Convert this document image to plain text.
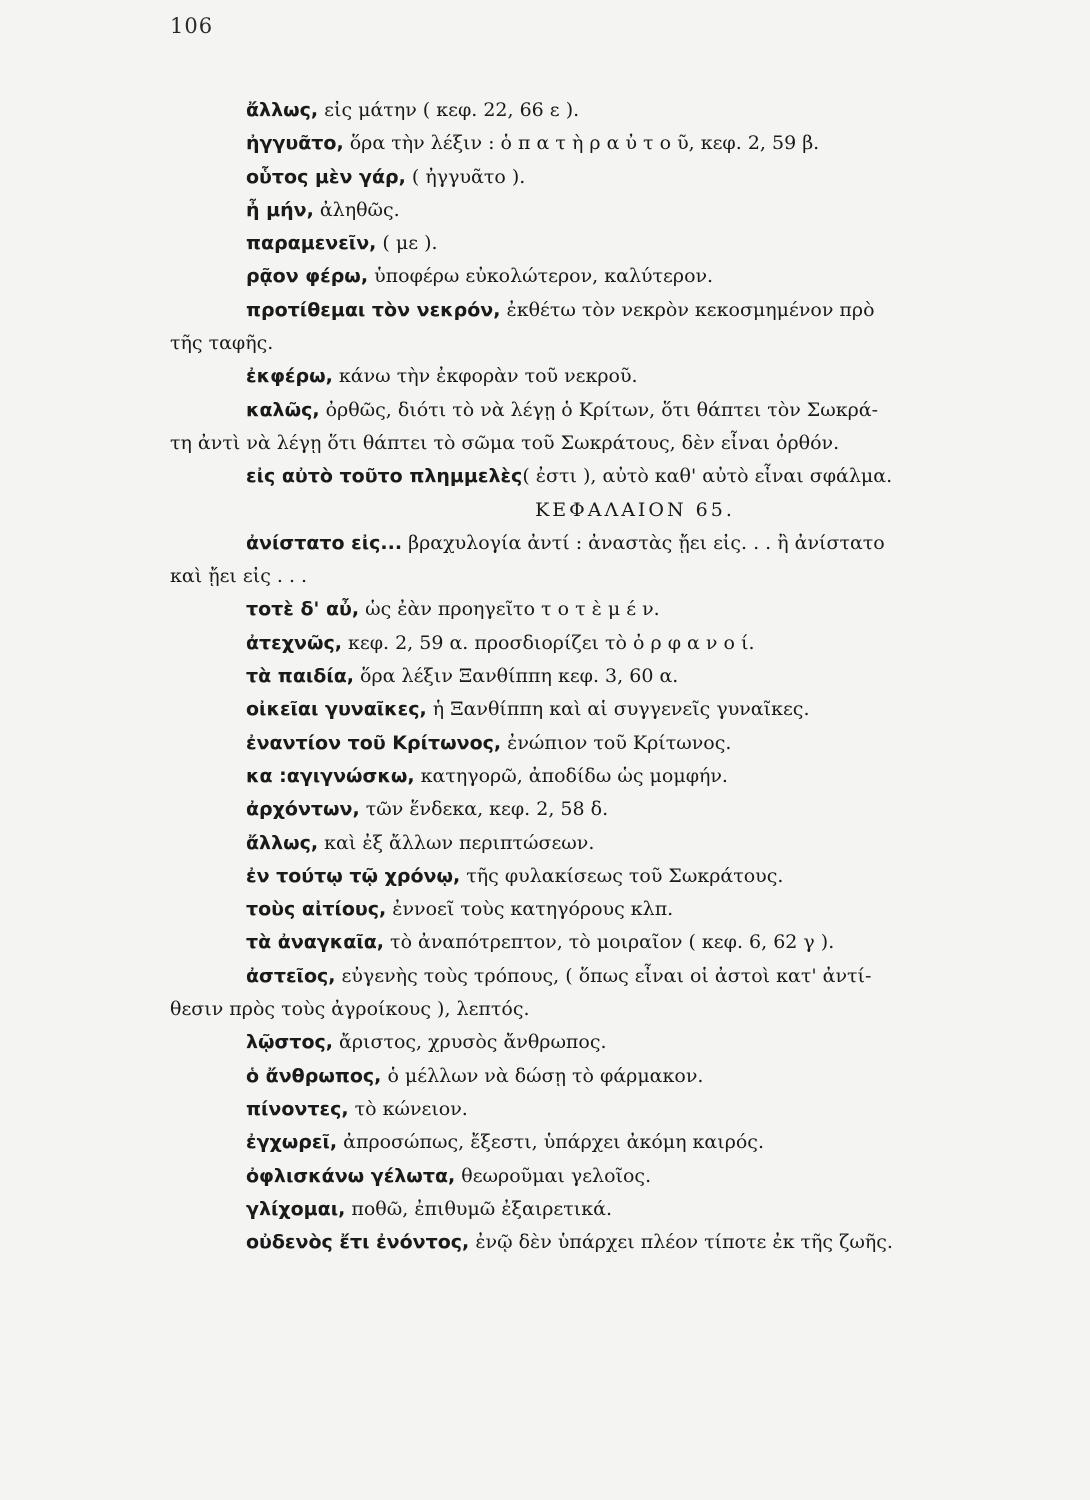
106
ἄλλως, εἰς μάτην ( κεφ. 22, 66 ε ).
ἠγγυᾶτο, ὅρα τὴν λέξιν : ὁ π α τ ὴ ρ α ὐ τ ο ῦ, κεφ. 2, 59 β.
οὗτος μὲν γάρ, ( ἠγγυᾶτο ).
ἦ μήν, ἀληθῶς.
παραμενεῖν, ( με ).
ρᾷον φέρω, ὑποφέρω εὐκολώτερον, καλύτερον.
προτίθεμαι τὸν νεκρόν, ἐκθέτω τὸν νεκρὸν κεκοσμημένον πρὸ
τῆς ταφῆς.
ἐκφέρω, κάνω τὴν ἐκφορὰν τοῦ νεκροῦ.
καλῶς, ὀρθῶς, διότι τὸ νὰ λέγῃ ὁ Κρίτων, ὅτι θάπτει τὸν Σωκρά-
τη ἀντὶ νὰ λέγῃ ὅτι θάπτει τὸ σῶμα τοῦ Σωκράτους, δὲν εἶναι ὀρθόν.
εἰς αὐτὸ τοῦτο πλημμελὲς( ἐστι ), αὐτὸ καθ' αὐτὸ εἶναι σφάλμα.
ΚΕΦΑΛΑΙΟΝ 65.
ἀνίστατο εἰς... βραχυλογία ἀντί : ἀναστὰς ᾔει εἰς. . . ἢ ἀνίστατο
καὶ ᾔει εἰς . . .
τοτὲ δ' αὖ, ὡς ἐὰν προηγεῖτο τ ο τ ὲ μ έ ν.
ἀτεχνῶς, κεφ. 2, 59 α. προσδιορίζει τὸ ὀ ρ φ α ν ο ί.
τὰ παιδία, ὅρα λέξιν Ξανθίππη κεφ. 3, 60 α.
οἰκεῖαι γυναῖκες, ἡ Ξανθίππη καὶ αἱ συγγενεῖς γυναῖκες.
ἐναντίον τοῦ Κρίτωνος, ἐνώπιον τοῦ Κρίτωνος.
κα :αγιγνώσκω, κατηγορῶ, ἀποδίδω ὡς μομφήν.
ἀρχόντων, τῶν ἕνδεκα, κεφ. 2, 58 δ.
ἄλλως, καὶ ἐξ ἄλλων περιπτώσεων.
ἐν τούτῳ τῷ χρόνῳ, τῆς φυλακίσεως τοῦ Σωκράτους.
τοὺς αἰτίους, ἐννοεῖ τοὺς κατηγόρους κλπ.
τὰ ἀναγκαῖα, τὸ ἀναπότρεπτον, τὸ μοιραῖον ( κεφ. 6, 62 γ ).
ἀστεῖος, εὐγενὴς τοὺς τρόπους, ( ὅπως εἶναι οἱ ἀστοὶ κατ' ἀντί-
θεσιν πρὸς τοὺς ἀγροίκους ), λεπτός.
λῷστος, ἄριστος, χρυσὸς ἄνθρωπος.
ὁ ἄνθρωπος, ὁ μέλλων νὰ δώσῃ τὸ φάρμακον.
πίνοντες, τὸ κώνειον.
ἐγχωρεῖ, ἀπροσώπως, ἔξεστι, ὑπάρχει ἀκόμη καιρός.
ὀφλισκάνω γέλωτα, θεωροῦμαι γελοῖος.
γλίχομαι, ποθῶ, ἐπιθυμῶ ἐξαιρετικά.
οὐδενὸς ἔτι ἐνόντος, ἐνῷ δὲν ὑπάρχει πλέον τίποτε ἐκ τῆς ζωῆς.
